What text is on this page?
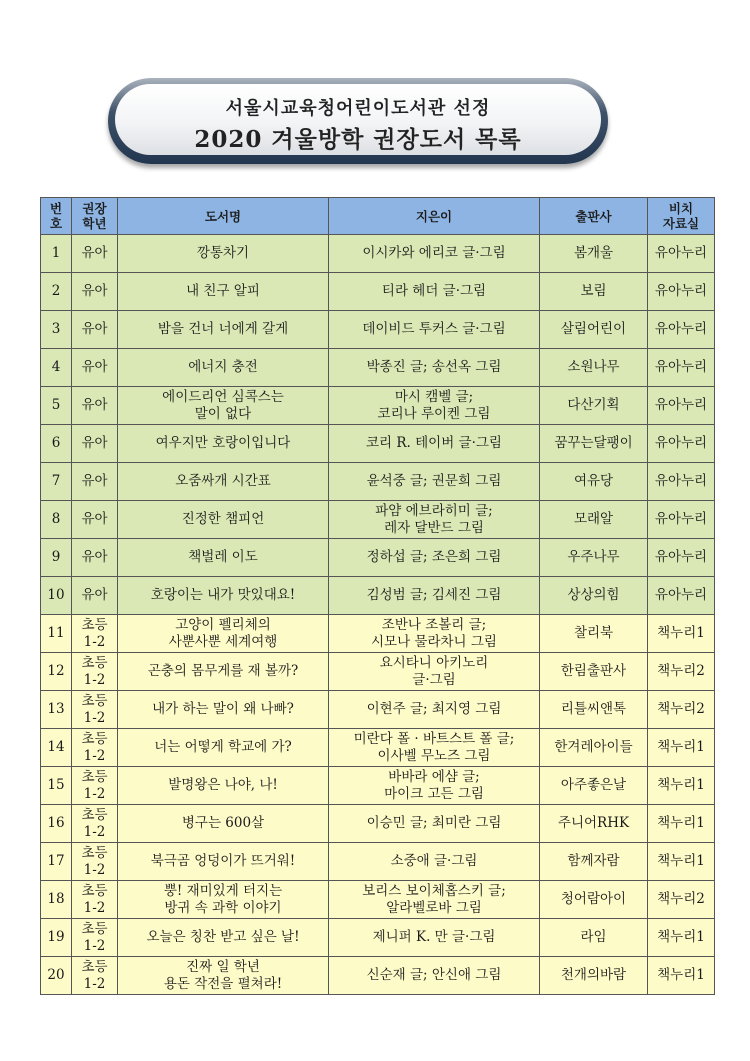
서울시교육청어린이도서관 선정
2020 겨울방학 권장도서 목록
번
호	권장
학년	도서명	지은이	출판사	비치
자료실
1	유아	깡통차기	이시카와 에리코 글·그림	봄개울	유아누리
2	유아	내 친구 알피	티라 헤더 글·그림	보림	유아누리
3	유아	밤을 건너 너에게 갈게	데이비드 투커스 글·그림	살림어린이	유아누리
4	유아	에너지 충전	박종진 글; 송선옥 그림	소원나무	유아누리
5	유아	에이드리언 심콕스는
말이 없다	마시 캠벨 글;
코리나 루이켄 그림	다산기획	유아누리
6	유아	여우지만 호랑이입니다	코리 R. 테이버 글·그림	꿈꾸는달팽이	유아누리
7	유아	오줌싸개 시간표	윤석중 글; 권문희 그림	여유당	유아누리
8	유아	진정한 챔피언	파얌 에브라히미 글;
레자 달반드 그림	모래알	유아누리
9	유아	책벌레 이도	정하섭 글; 조은희 그림	우주나무	유아누리
10	유아	호랑이는 내가 맛있대요!	김성범 글; 김세진 그림	상상의힘	유아누리
11	초등
1-2	고양이 펠리체의
사뿐사뿐 세계여행	조반나 조볼리 글;
시모나 물라차니 그림	찰리북	책누리1
12	초등
1-2	곤충의 몸무게를 재 볼까?	요시타니 아키노리
글·그림	한림출판사	책누리2
13	초등
1-2	내가 하는 말이 왜 나빠?	이현주 글; 최지영 그림	리틀씨앤톡	책누리2
14	초등
1-2	너는 어떻게 학교에 가?	미란다 폴 · 바트스트 폴 글;
이사벨 무노즈 그림	한겨레아이들	책누리1
15	초등
1-2	발명왕은 나야, 나!	바바라 에샴 글;
마이크 고든 그림	아주좋은날	책누리1
16	초등
1-2	병구는 600살	이승민 글; 최미란 그림	주니어RHK	책누리1
17	초등
1-2	북극곰 엉덩이가 뜨거워!	소중애 글·그림	함께자람	책누리1
18	초등
1-2	뿡! 재미있게 터지는
방귀 속 과학 이야기	보리스 보이체홉스키 글;
알라벨로바 그림	청어람아이	책누리2
19	초등
1-2	오늘은 칭찬 받고 싶은 날!	제니퍼 K. 만 글·그림	라임	책누리1
20	초등
1-2	진짜 일 학년
용돈 작전을 펼쳐라!	신순재 글; 안신애 그림	천개의바람	책누리1
